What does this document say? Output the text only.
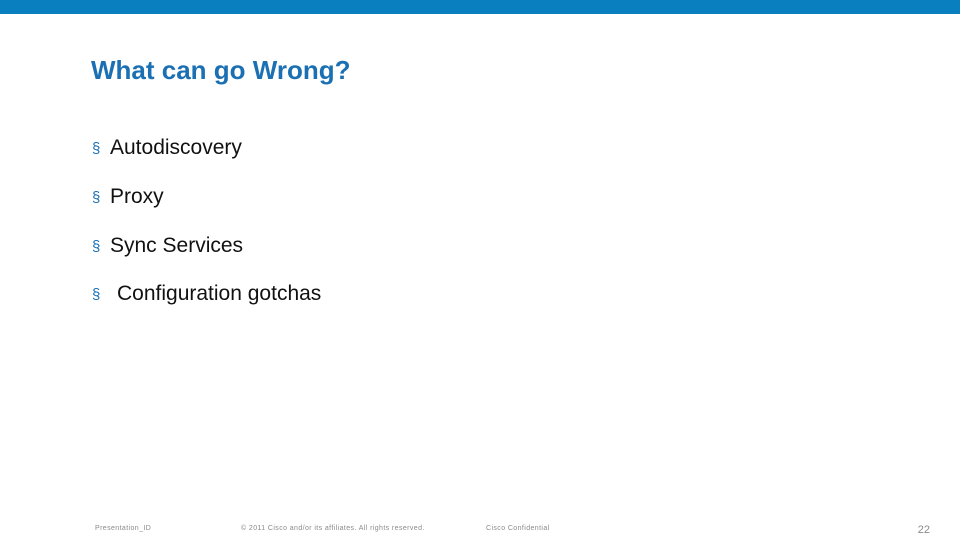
What can go Wrong?
§ Autodiscovery
§ Proxy
§ Sync Services
§ Configuration gotchas
Presentation_ID	© 2011 Cisco and/or its affiliates. All rights reserved.	Cisco Confidential	22
